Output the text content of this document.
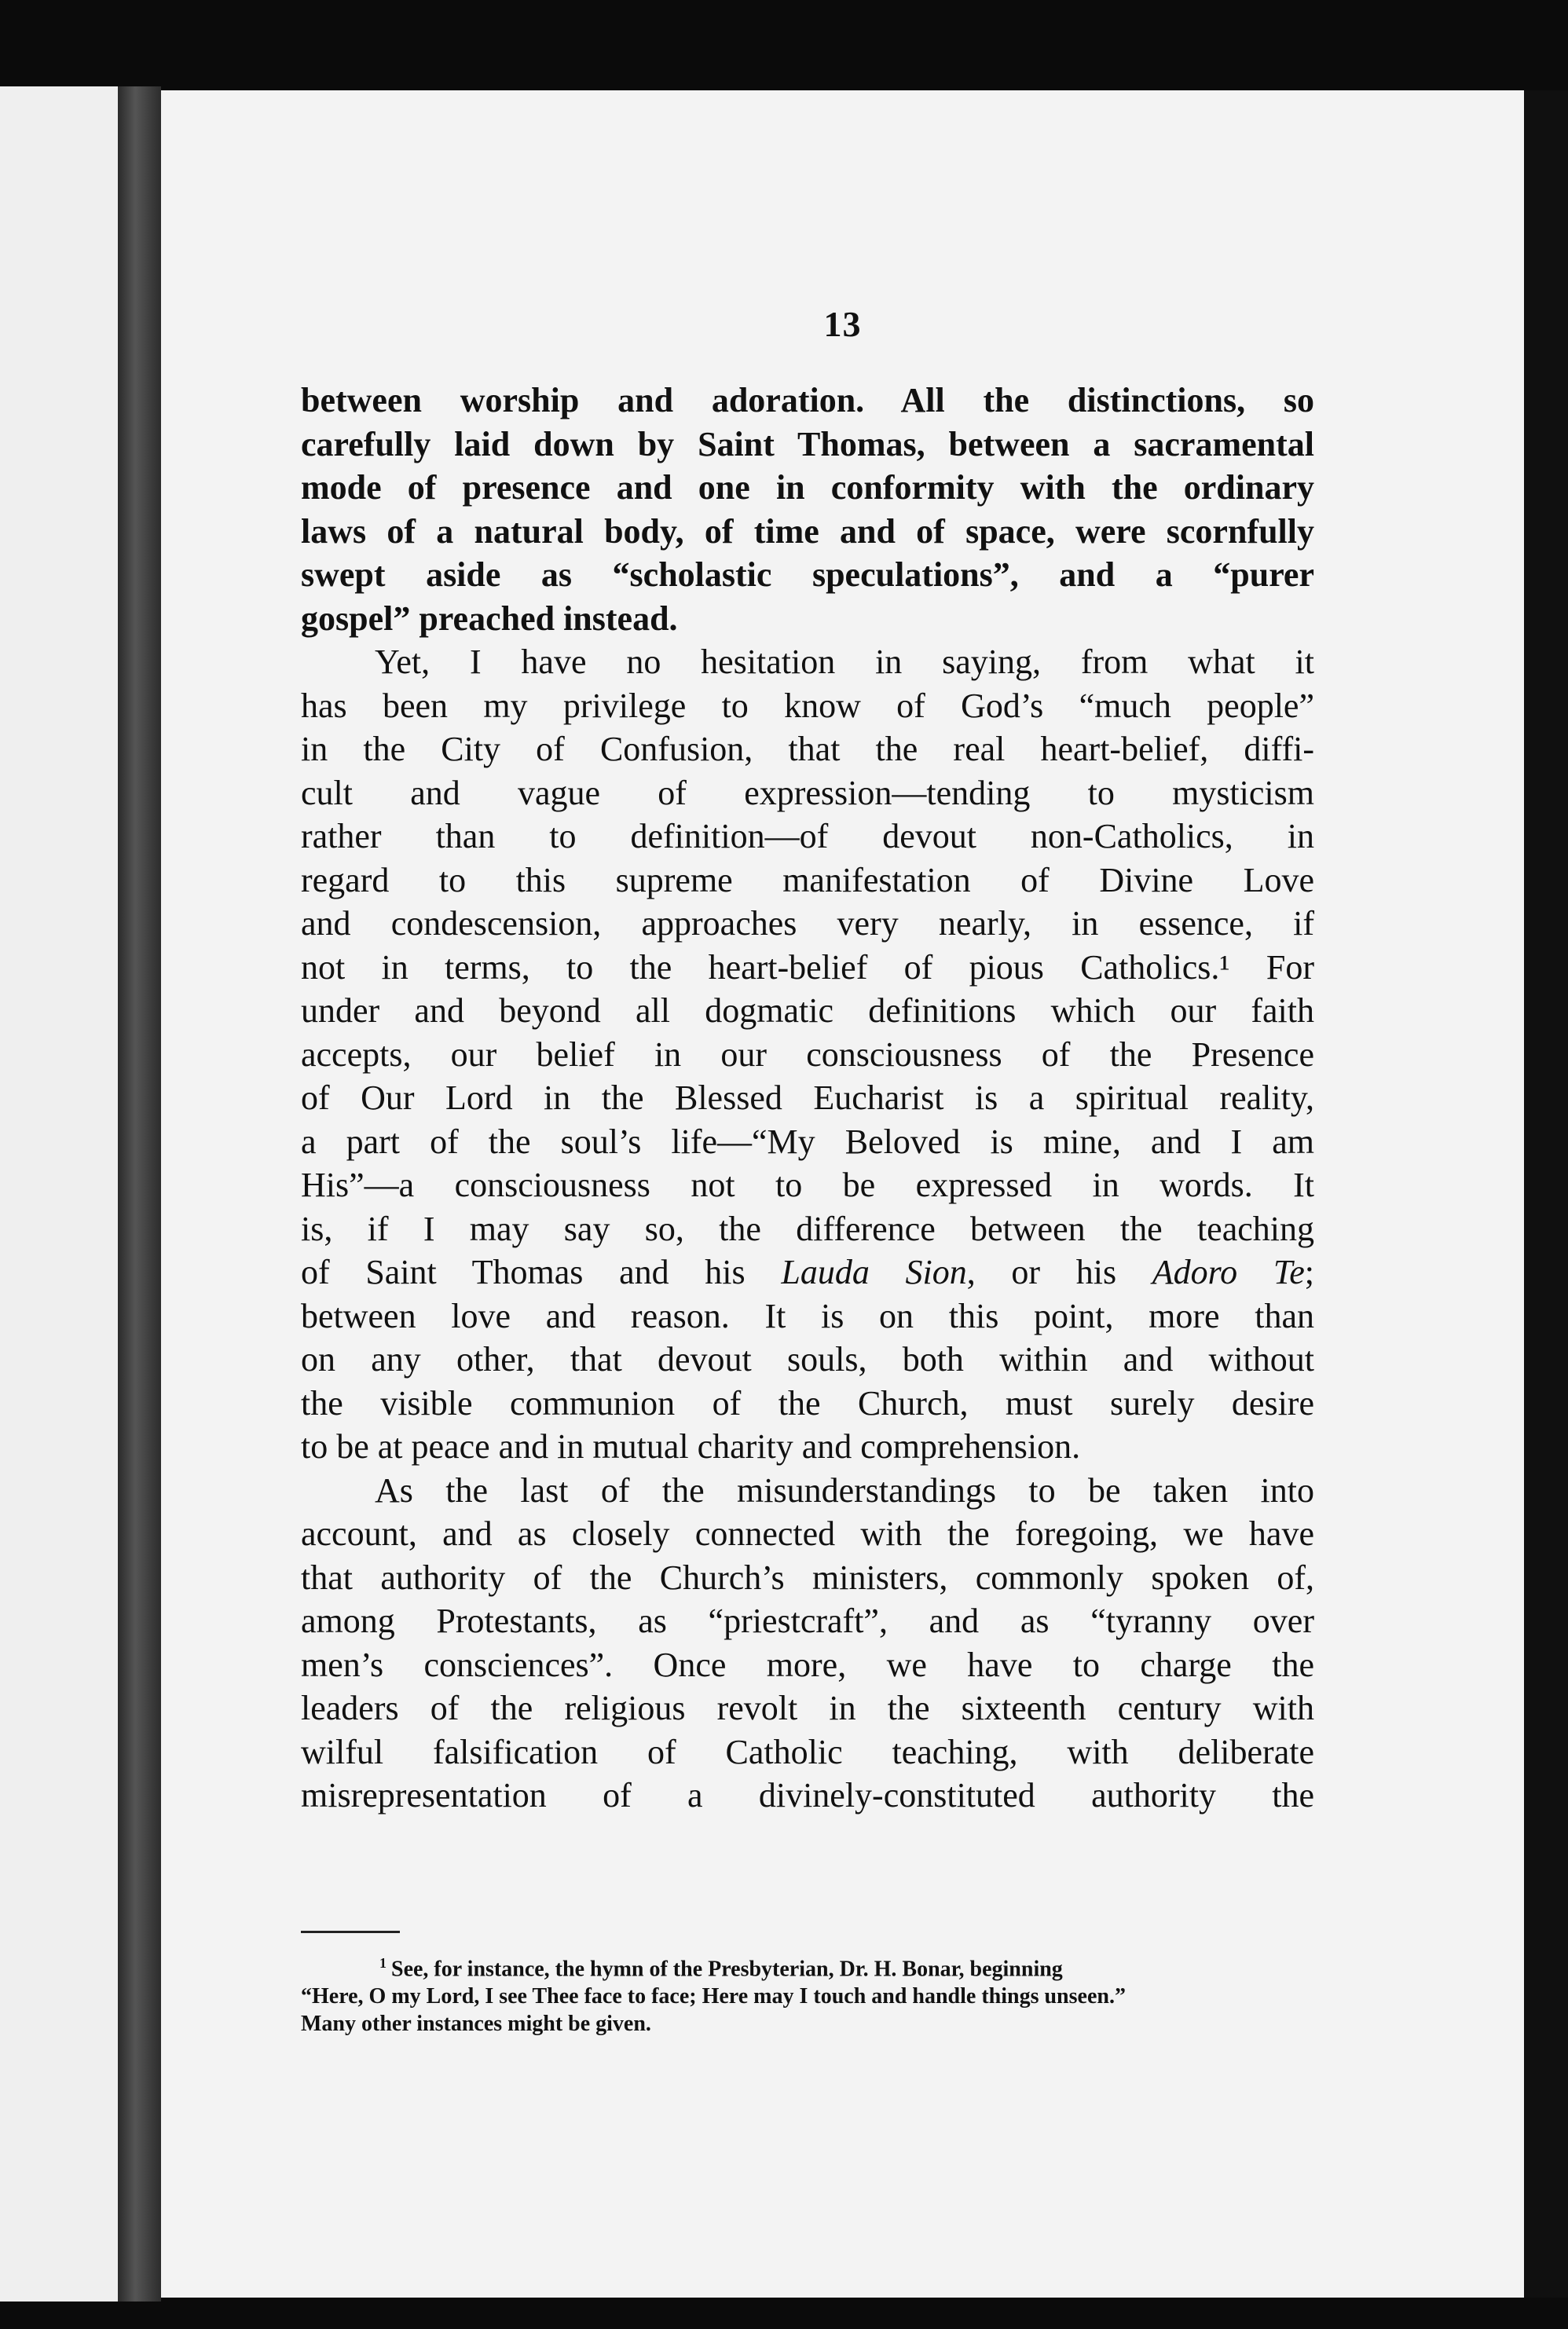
13
between worship and adoration. All the distinctions, so
carefully laid down by Saint Thomas, between a sacramental
mode of presence and one in conformity with the ordinary
laws of a natural body, of time and of space, were scornfully
swept aside as “scholastic speculations”, and a “purer
gospel” preached instead.
Yet, I have no hesitation in saying, from what it
has been my privilege to know of God’s “much people”
in the City of Confusion, that the real heart-belief, diffi-
cult and vague of expression—tending to mysticism
rather than to definition—of devout non-Catholics, in
regard to this supreme manifestation of Divine Love
and condescension, approaches very nearly, in essence, if
not in terms, to the heart-belief of pious Catholics.¹ For
under and beyond all dogmatic definitions which our faith
accepts, our belief in our consciousness of the Presence
of Our Lord in the Blessed Eucharist is a spiritual reality,
a part of the soul’s life—“My Beloved is mine, and I am
His”—a consciousness not to be expressed in words. It
is, if I may say so, the difference between the teaching
of Saint Thomas and his Lauda Sion, or his Adoro Te;
between love and reason. It is on this point, more than
on any other, that devout souls, both within and without
the visible communion of the Church, must surely desire
to be at peace and in mutual charity and comprehension.
As the last of the misunderstandings to be taken into
account, and as closely connected with the foregoing, we have
that authority of the Church’s ministers, commonly spoken of,
among Protestants, as “priestcraft”, and as “tyranny over
men’s consciences”. Once more, we have to charge the
leaders of the religious revolt in the sixteenth century with
wilful falsification of Catholic teaching, with deliberate
misrepresentation of a divinely-constituted authority the
$^1$ See, for instance, the hymn of the Presbyterian, Dr. H. Bonar, beginning
“Here, O my Lord, I see Thee face to face; Here may I touch and handle things unseen.”
Many other instances might be given.
